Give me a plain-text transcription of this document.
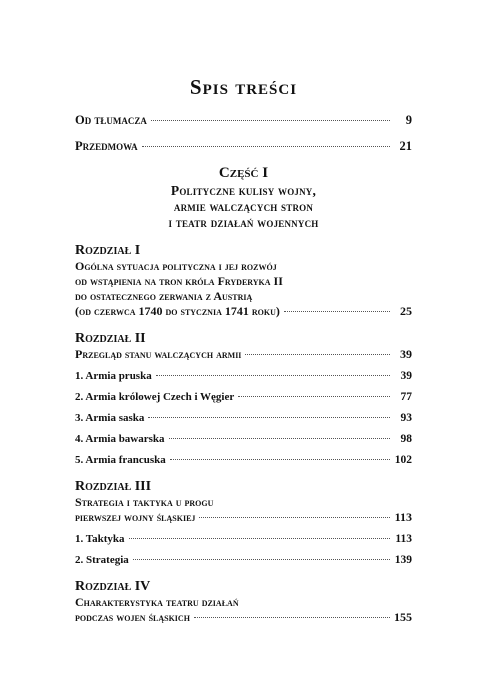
Spis treści
Od tłumacza	9
Przedmowa	21
Część I
Polityczne kulisy wojny,
armie walczących stron
i teatr działań wojennych
Rozdział I
Ogólna sytuacja polityczna i jej rozwój
od wstąpienia na tron króla Fryderyka II
do ostatecznego zerwania z Austrią
(od czerwca 1740 do stycznia 1741 roku)	25
Rozdział II
Przegląd stanu walczących armii	39
1. Armia pruska	39
2. Armia królowej Czech i Węgier	77
3. Armia saska	93
4. Armia bawarska	98
5. Armia francuska	102
Rozdział III
Strategia i taktyka u progu
pierwszej wojny śląskiej	113
1. Taktyka	113
2. Strategia	139
Rozdział IV
Charakterystyka teatru działań
podczas wojen śląskich	155
